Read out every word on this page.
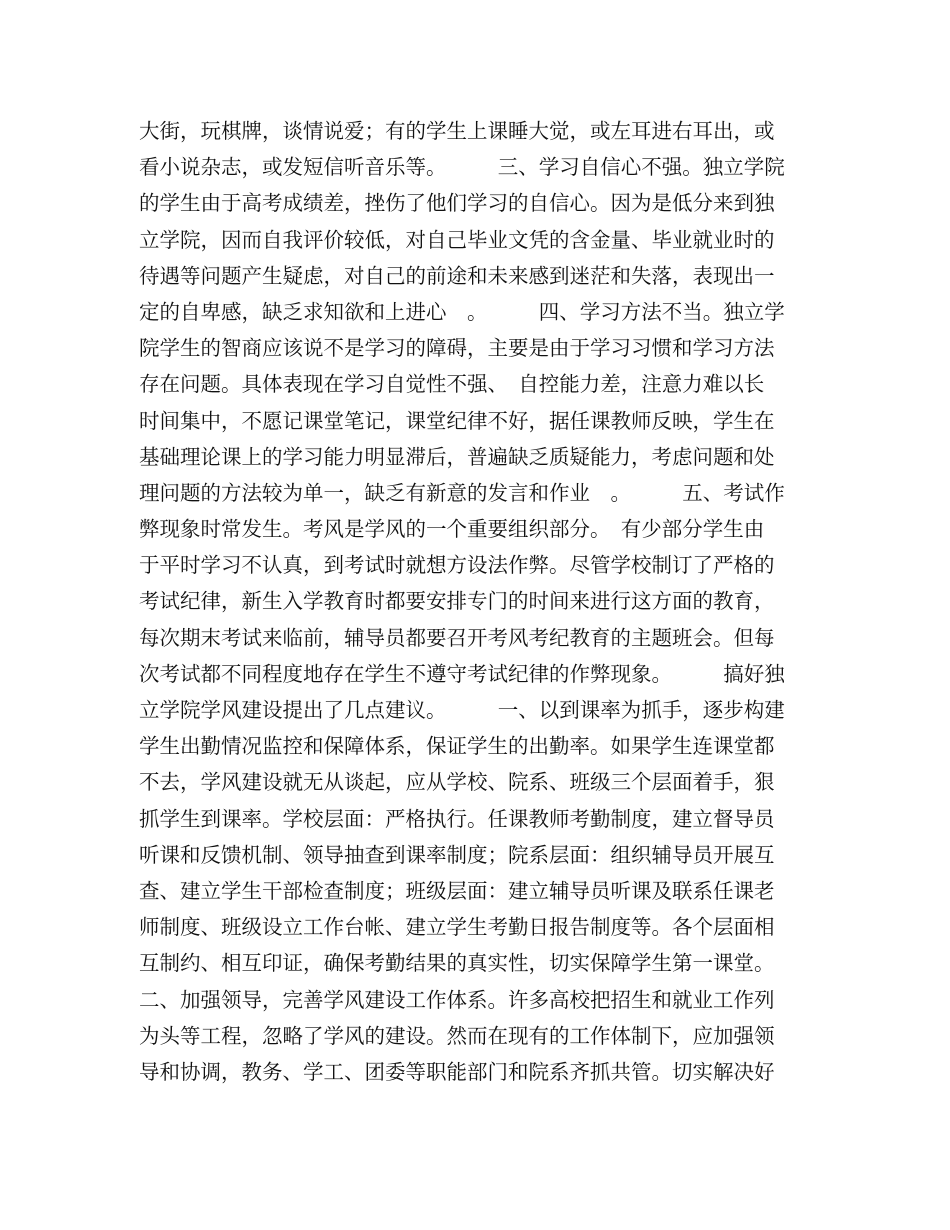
大街，玩棋牌，谈情说爱；有的学生上课睡大觉，或左耳进右耳出，或
看小说杂志，或发短信听音乐等。　　　三、学习自信心不强。独立学院
的学生由于高考成绩差，挫伤了他们学习的自信心。因为是低分来到独
立学院，因而自我评价较低，对自己毕业文凭的含金量、毕业就业时的
待遇等问题产生疑虑，对自己的前途和未来感到迷茫和失落，表现出一
定的自卑感，缺乏求知欲和上进心　。　　　四、学习方法不当。独立学
院学生的智商应该说不是学习的障碍，主要是由于学习习惯和学习方法
存在问题。具体表现在学习自觉性不强、　自控能力差，注意力难以长
时间集中，不愿记课堂笔记，课堂纪律不好，据任课教师反映，学生在
基础理论课上的学习能力明显滞后，普遍缺乏质疑能力，考虑问题和处
理问题的方法较为单一，缺乏有新意的发言和作业　。　　　五、考试作
弊现象时常发生。考风是学风的一个重要组织部分。　有少部分学生由
于平时学习不认真，到考试时就想方设法作弊。尽管学校制订了严格的
考试纪律，新生入学教育时都要安排专门的时间来进行这方面的教育，
每次期末考试来临前，辅导员都要召开考风考纪教育的主题班会。但每
次考试都不同程度地存在学生不遵守考试纪律的作弊现象。　　　搞好独
立学院学风建设提出了几点建议。　　　一、以到课率为抓手，逐步构建
学生出勤情况监控和保障体系，保证学生的出勤率。如果学生连课堂都
不去，学风建设就无从谈起，应从学校、院系、班级三个层面着手，狠
抓学生到课率。学校层面：严格执行。任课教师考勤制度，建立督导员
听课和反馈机制、领导抽查到课率制度；院系层面：组织辅导员开展互
查、建立学生干部检查制度；班级层面：建立辅导员听课及联系任课老
师制度、班级设立工作台帐、建立学生考勤日报告制度等。各个层面相
互制约、相互印证，确保考勤结果的真实性，切实保障学生第一课堂。
二、加强领导，完善学风建设工作体系。许多高校把招生和就业工作列
为头等工程，忽略了学风的建设。然而在现有的工作体制下，应加强领
导和协调，教务、学工、团委等职能部门和院系齐抓共管。切实解决好
